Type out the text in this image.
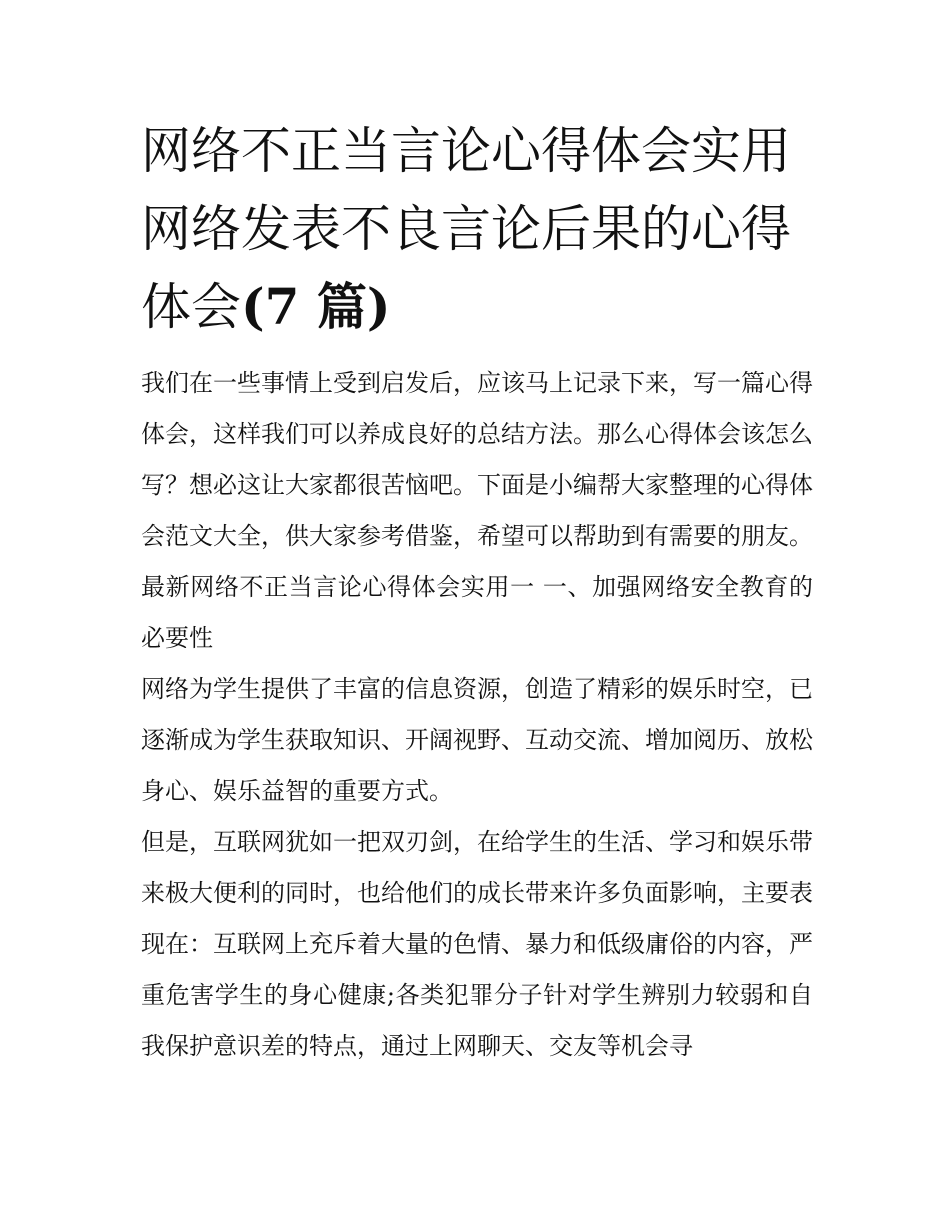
网络不正当言论心得体会实用网络发表不良言论后果的心得体会(7 篇)

我们在一些事情上受到启发后，应该马上记录下来，写一篇心得体会，这样我们可以养成良好的总结方法。那么心得体会该怎么写？想必这让大家都很苦恼吧。下面是小编帮大家整理的心得体会范文大全，供大家参考借鉴，希望可以帮助到有需要的朋友。

最新网络不正当言论心得体会实用一 一、加强网络安全教育的必要性

网络为学生提供了丰富的信息资源，创造了精彩的娱乐时空，已逐渐成为学生获取知识、开阔视野、互动交流、增加阅历、放松身心、娱乐益智的重要方式。

但是，互联网犹如一把双刃剑，在给学生的生活、学习和娱乐带来极大便利的同时，也给他们的成长带来许多负面影响，主要表现在：互联网上充斥着大量的色情、暴力和低级庸俗的内容，严重危害学生的身心健康;各类犯罪分子针对学生辨别力较弱和自我保护意识差的特点，通过上网聊天、交友等机会寻
